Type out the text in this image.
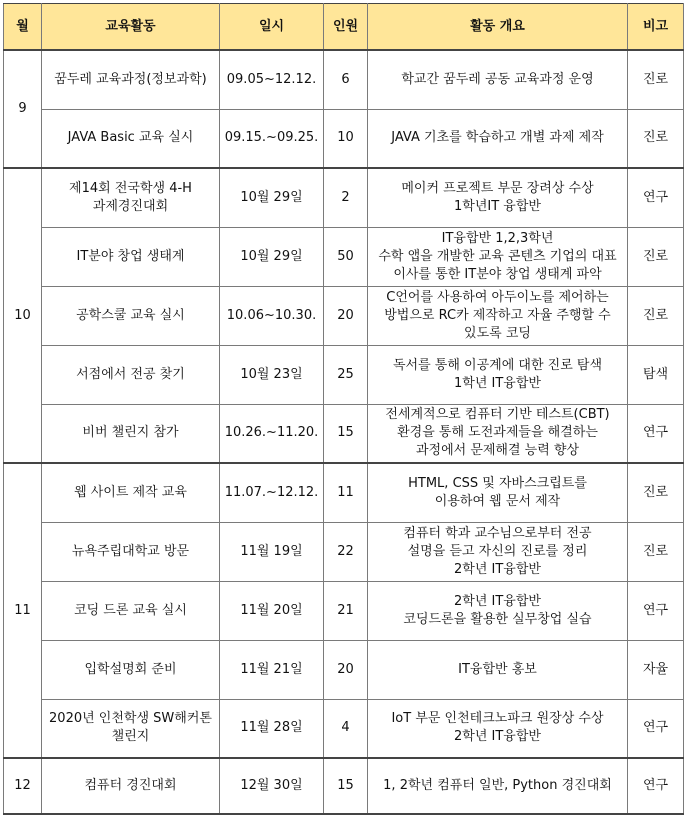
월	교육활동	일시	인원	활동 개요	비고
9	꿈두레 교육과정(정보과학)	09.05~12.12.	6	학교간 꿈두레 공동 교육과정 운영	진로

	JAVA Basic 교육 실시	09.15.~09.25.	10	JAVA 기초를 학습하고 개별 과제 제작	진로
10	제14회 전국학생 4-H
과제경진대회	10월 29일	2	메이커 프로젝트 부문 장려상 수상
1학년IT 융합반	연구

	IT분야 창업 생태계	10월 29일	50	IT융합반 1,2,3학년
수학 앱을 개발한 교육 콘텐츠 기업의 대표
이사를 통한 IT분야 창업 생태계 파악	진로

	공학스쿨 교육 실시	10.06~10.30.	20	C언어를 사용하여 아두이노를 제어하는
방법으로 RC카 제작하고 자율 주행할 수
있도록 코딩	진로

	서점에서 전공 찾기	10월 23일	25	독서를 통해 이공계에 대한 진로 탐색
1학년 IT융합반	탐색

	비버 챌린지 참가	10.26.~11.20.	15	전세계적으로 컴퓨터 기반 테스트(CBT)
환경을 통해 도전과제들을 해결하는
과정에서 문제해결 능력 향상	연구
11	웹 사이트 제작 교육	11.07.~12.12.	11	HTML, CSS 및 자바스크립트를
이용하여 웹 문서 제작	진로

	뉴욕주립대학교 방문	11월 19일	22	컴퓨터 학과 교수님으로부터 전공
설명을 듣고 자신의 진로를 정리
2학년 IT융합반	진로

	코딩 드론 교육 실시	11월 20일	21	2학년 IT융합반
코딩드론을 활용한 실무창업 실습	연구

	입학설명회 준비	11월 21일	20	IT융합반 홍보	자율

	2020년 인천학생 SW해커톤
챌린지	11월 28일	4	IoT 부문 인천테크노파크 원장상 수상
2학년 IT융합반	연구
12	컴퓨터 경진대회	12월 30일	15	1, 2학년 컴퓨터 일반, Python 경진대회	연구
